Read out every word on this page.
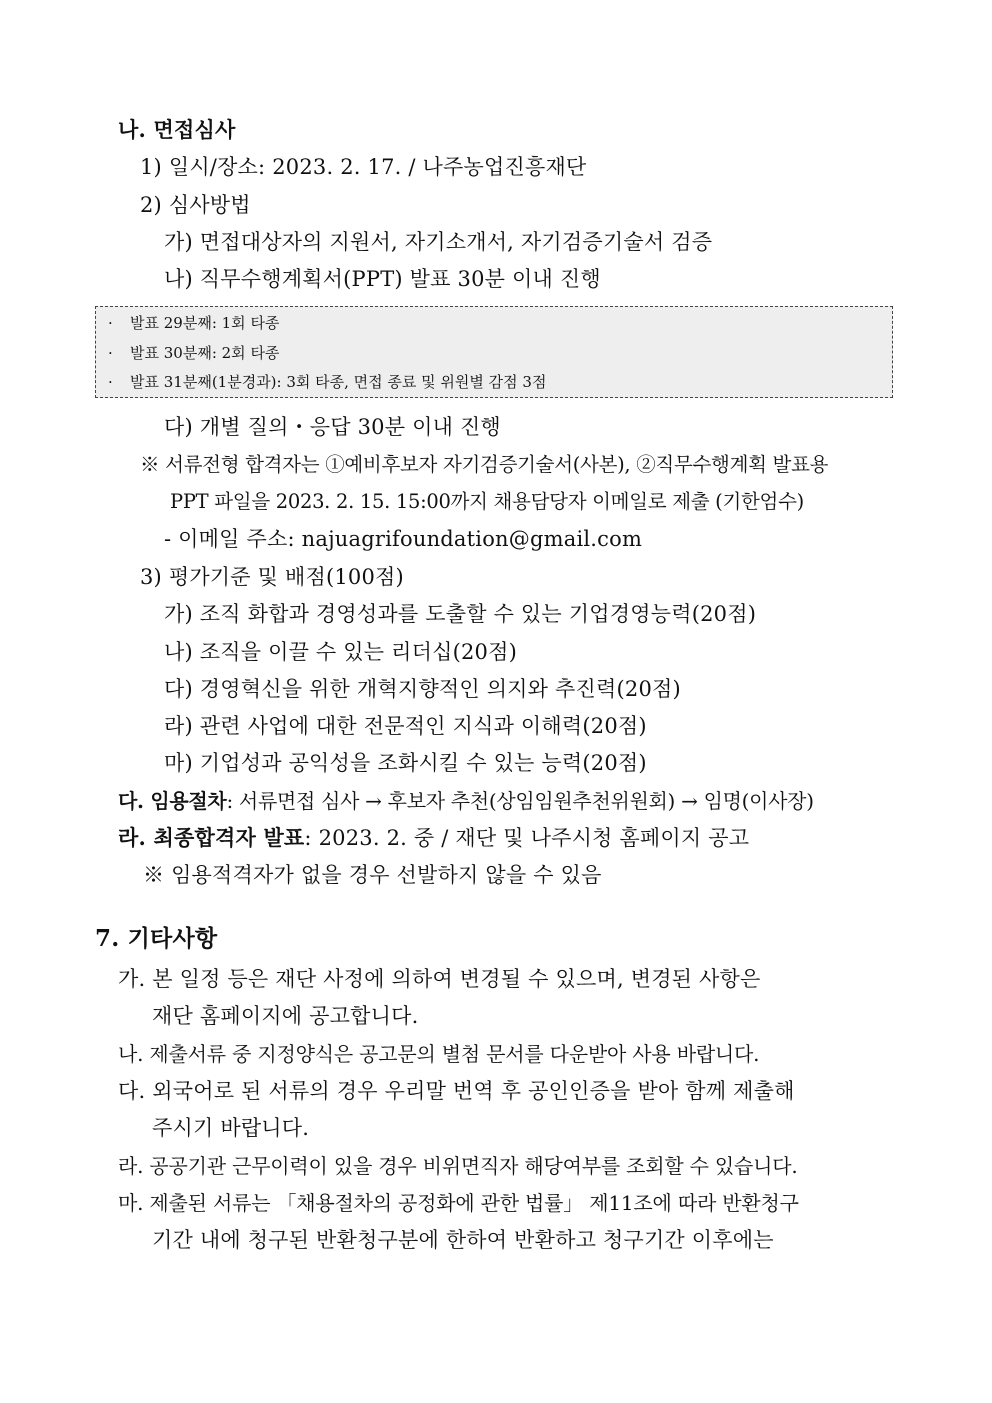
나. 면접심사
1) 일시/장소: 2023. 2. 17. / 나주농업진흥재단
2) 심사방법
가) 면접대상자의 지원서, 자기소개서, 자기검증기술서 검증
나) 직무수행계획서(PPT) 발표 30분 이내 진행
· 발표 29분째: 1회 타종
· 발표 30분째: 2회 타종
· 발표 31분째(1분경과): 3회 타종, 면접 종료 및 위원별 감점 3점
다) 개별 질의・응답 30분 이내 진행
※ 서류전형 합격자는 ①예비후보자 자기검증기술서(사본), ②직무수행계획 발표용
PPT 파일을 2023. 2. 15. 15:00까지 채용담당자 이메일로 제출 (기한엄수)
- 이메일 주소: najuagrifoundation@gmail.com
3) 평가기준 및 배점(100점)
가) 조직 화합과 경영성과를 도출할 수 있는 기업경영능력(20점)
나) 조직을 이끌 수 있는 리더십(20점)
다) 경영혁신을 위한 개혁지향적인 의지와 추진력(20점)
라) 관련 사업에 대한 전문적인 지식과 이해력(20점)
마) 기업성과 공익성을 조화시킬 수 있는 능력(20점)
다. 임용절차: 서류면접 심사 → 후보자 추천(상임임원추천위원회) → 임명(이사장)
라. 최종합격자 발표: 2023. 2. 중 / 재단 및 나주시청 홈페이지 공고
※ 임용적격자가 없을 경우 선발하지 않을 수 있음
7. 기타사항
가. 본 일정 등은 재단 사정에 의하여 변경될 수 있으며, 변경된 사항은
재단 홈페이지에 공고합니다.
나. 제출서류 중 지정양식은 공고문의 별첨 문서를 다운받아 사용 바랍니다.
다. 외국어로 된 서류의 경우 우리말 번역 후 공인인증을 받아 함께 제출해
주시기 바랍니다.
라. 공공기관 근무이력이 있을 경우 비위면직자 해당여부를 조회할 수 있습니다.
마. 제출된 서류는 「채용절차의 공정화에 관한 법률」 제11조에 따라 반환청구
기간 내에 청구된 반환청구분에 한하여 반환하고 청구기간 이후에는
